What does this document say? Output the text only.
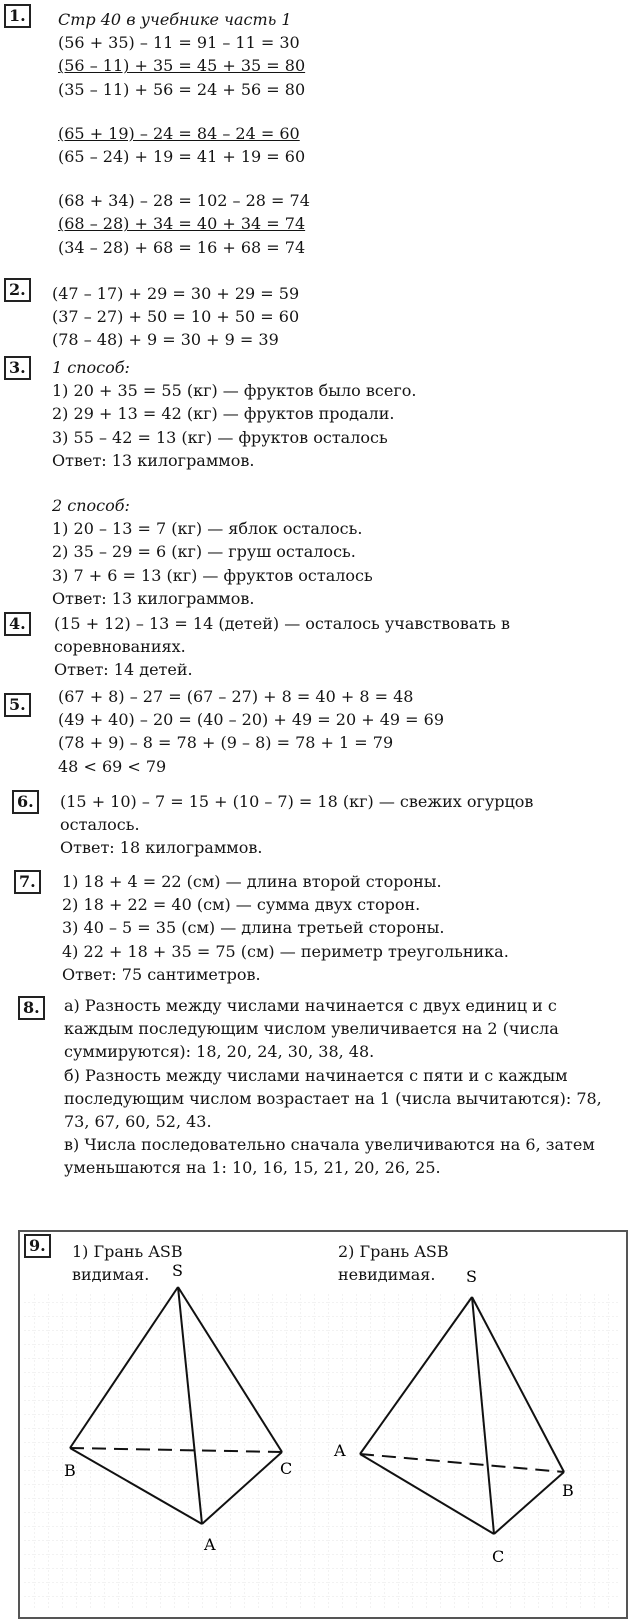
1.	Стр 40 в учебнике часть 1
(56 + 35) – 11 = 91 – 11 = 30
(56 – 11) + 35 = 45 + 35 = 80
(35 – 11) + 56 = 24 + 56 = 80
(65 + 19) – 24 = 84 – 24 = 60
(65 – 24) + 19 = 41 + 19 = 60
(68 + 34) – 28 = 102 – 28 = 74
(68 – 28) + 34 = 40 + 34 = 74
(34 – 28) + 68 = 16 + 68 = 74
2.	(47 – 17) + 29 = 30 + 29 = 59
(37 – 27) + 50 = 10 + 50 = 60
(78 – 48) + 9 = 30 + 9 = 39
3.	1 способ:
1) 20 + 35 = 55 (кг) — фруктов было всего.
2) 29 + 13 = 42 (кг) — фруктов продали.
3) 55 – 42 = 13 (кг) — фруктов осталось
Ответ: 13 килограммов.
2 способ:
1) 20 – 13 = 7 (кг) — яблок осталось.
2) 35 – 29 = 6 (кг) — груш осталось.
3) 7 + 6 = 13 (кг) — фруктов осталось
Ответ: 13 килограммов.
4.	(15 + 12) – 13 = 14 (детей) — осталось учавствовать в соревнованиях.
Ответ: 14 детей.
5.	(67 + 8) – 27 = (67 – 27) + 8 = 40 + 8 = 48
(49 + 40) – 20 = (40 – 20) + 49 = 20 + 49 = 69
(78 + 9) – 8 = 78 + (9 – 8) = 78 + 1 = 79
48 < 69 < 79
6.	(15 + 10) – 7 = 15 + (10 – 7) = 18 (кг) — свежих огурцов осталось.
Ответ: 18 килограммов.
7.	1) 18 + 4 = 22 (см) — длина второй стороны.
2) 18 + 22 = 40 (см) — сумма двух сторон.
3) 40 – 5 = 35 (см) — длина третьей стороны.
4) 22 + 18 + 35 = 75 (см) — периметр треугольника.
Ответ: 75 сантиметров.
8.	а) Разность между числами начинается с двух единиц и с каждым последующим числом увеличивается на 2 (числа суммируются): 18, 20, 24, 30, 38, 48.
б) Разность между числами начинается с пяти и с каждым последующим числом возрастает на 1 (числа вычитаются): 78, 73, 67, 60, 52, 43.
в) Числа последовательно сначала увеличиваются на 6, затем уменьшаются на 1: 10, 16, 15, 21, 20, 26, 25.
9.	1) Грань ASB видимая.
2) Грань ASB невидимая.
S
B	C
A
S
A
B
C
